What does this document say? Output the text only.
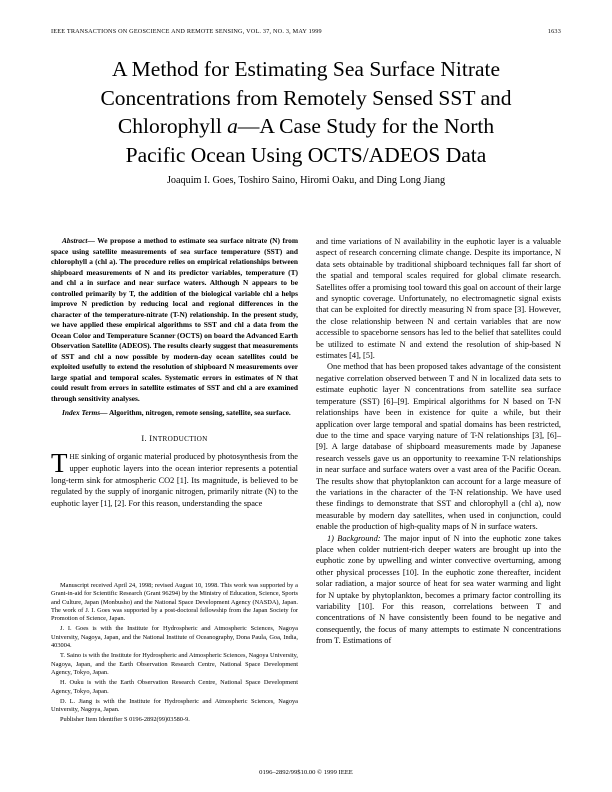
IEEE TRANSACTIONS ON GEOSCIENCE AND REMOTE SENSING, VOL. 37, NO. 3, MAY 1999	1633
A Method for Estimating Sea Surface Nitrate
Concentrations from Remotely Sensed SST and
Chlorophyll a—A Case Study for the North
Pacific Ocean Using OCTS/ADEOS Data
Joaquim I. Goes, Toshiro Saino, Hiromi Oaku, and Ding Long Jiang

Abstract— We propose a method to estimate sea surface nitrate (N) from space using satellite measurements of sea surface temperature (SST) and chlorophyll a (chl a). The procedure relies on empirical relationships between shipboard measurements of N and its predictor variables, temperature (T) and chl a in surface and near surface waters. Although N appears to be controlled primarily by T, the addition of the biological variable chl a helps improve N prediction by reducing local and regional differences in the character of the temperature-nitrate (T-N) relationship. In the present study, we have applied these empirical algorithms to SST and chl a data from the Ocean Color and Temperature Scanner (OCTS) on board the Advanced Earth Observation Satellite (ADEOS). The results clearly suggest that measurements of SST and chl a now possible by modern-day ocean satellites could be exploited usefully to extend the resolution of shipboard N measurements over large spatial and temporal scales. Systematic errors in estimates of N that could result from errors in satellite estimates of SST and chl a are examined through sensitivity analyses.

Index Terms— Algorithm, nitrogen, remote sensing, satellite, sea surface.

I. INTRODUCTION

THE sinking of organic material produced by photosynthesis from the upper euphotic layers into the ocean interior represents a potential long-term sink for atmospheric CO2 [1]. Its magnitude, is believed to be regulated by the supply of inorganic nitrogen, primarily nitrate (N) to the euphotic layer [1], [2]. For this reason, understanding the space

and time variations of N availability in the euphotic layer is a valuable aspect of research concerning climate change. Despite its importance, N data sets obtainable by traditional shipboard techniques fall far short of the spatial and temporal scales required for global climate research. Satellites offer a promising tool toward this goal on account of their large and synoptic coverage. Unfortunately, no electromagnetic signal exists that can be exploited for directly measuring N from space [3]. However, the close relationship between N and certain variables that are now accessible to spaceborne sensors has led to the belief that satellites could be utilized to estimate N and extend the resolution of ship-based N estimates [4], [5].

One method that has been proposed takes advantage of the consistent negative correlation observed between T and N in localized data sets to estimate euphotic layer N concentrations from satellite sea surface temperature (SST) [6]–[9]. Empirical algorithms for N based on T-N relationships have been in existence for quite a while, but their application over large temporal and spatial domains has been restricted, due to the time and space varying nature of T-N relationships [3], [6]–[9]. A large database of shipboard measurements made by Japanese research vessels gave us an opportunity to reexamine T-N relationships in near surface and surface waters over a vast area of the Pacific Ocean. The results show that phytoplankton can account for a large measure of the variations in the character of the T-N relationship. We have used these findings to demonstrate that SST and chlorophyll a (chl a), now measurable by modern day satellites, when used in conjunction, could enable the production of high-quality maps of N in surface waters.

1) Background: The major input of N into the euphotic zone takes place when colder nutrient-rich deeper waters are brought up into the euphotic zone by upwelling and winter convective overturning, among other physical processes [10]. In the euphotic zone thereafter, incident solar radiation, a major source of heat for sea water warming and light for N uptake by phytoplankton, becomes a primary factor controlling its variability [10]. For this reason, correlations between T and concentrations of N have consistently been found to be negative and consequently, the focus of many attempts to estimate N concentrations from T. Estimations of

Manuscript received April 24, 1998; revised August 10, 1998. This work was supported by a Grant-in-aid for Scientific Research (Grant 96294) by the Ministry of Education, Science, Sports and Culture, Japan (Monbusho) and the National Space Development Agency (NASDA), Japan. The work of J. I. Goes was supported by a post-doctoral fellowship from the Japan Society for Promotion of Science, Japan.

J. I. Goes is with the Institute for Hydrospheric and Atmospheric Sciences, Nagoya University, Nagoya, Japan, and the National Institute of Oceanography, Dona Paula, Goa, India, 403004.

T. Saino is with the Institute for Hydrospheric and Atmospheric Sciences, Nagoya University, Nagoya, Japan, and the Earth Observation Research Centre, National Space Development Agency, Tokyo, Japan.

H. Ouku is with the Earth Observation Research Centre, National Space Development Agency, Tokyo, Japan.

D. L. Jiang is with the Institute for Hydrospheric and Atmospheric Sciences, Nagoya University, Nagoya, Japan.

Publisher Item Identifier S 0196-2892(99)03580-9.

0196–2892/99$10.00 © 1999 IEEE
